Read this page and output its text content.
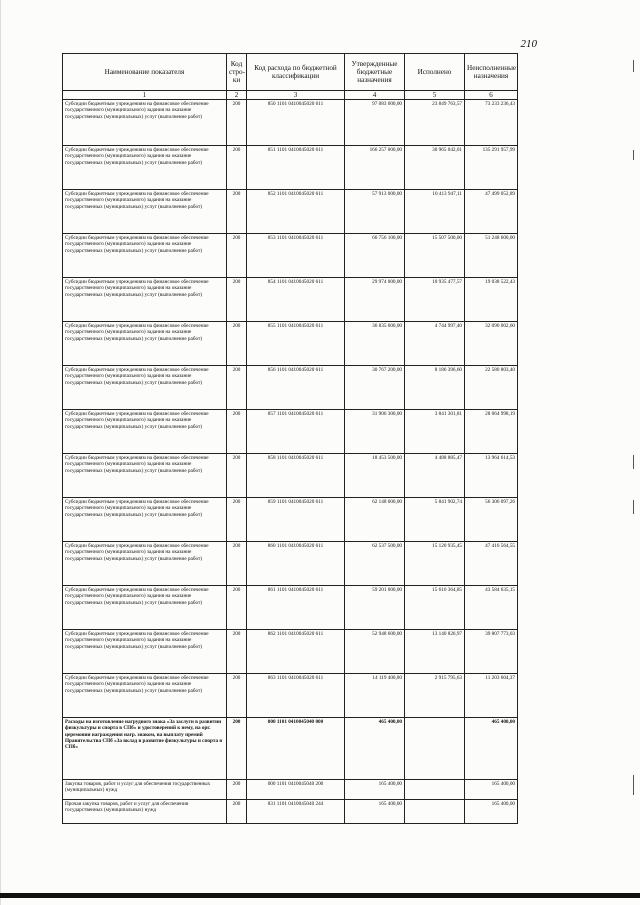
210
Наименование показателя	Код стро-ки	Код расхода по бюджетной классификации	Утвержденные бюджетные назначения	Исполнено	Неисполненные назначения
1	2	3	4	5	6
Субсидии бюджетным учреждениям на финансовое обеспечение государственного (муниципального) задания на оказание государственных (муниципальных) услуг (выполнение работ)	200	850 1101 0410045020 611	97 083 000,00	23 849 763,57	73 233 236,43
Субсидии бюджетным учреждениям на финансовое обеспечение государственного (муниципального) задания на оказание государственных (муниципальных) услуг (выполнение работ)	200	851 1101 0410045020 611	166 257 000,00	30 965 042,01	135 291 957,99
Субсидии бюджетным учреждениям на финансовое обеспечение государственного (муниципального) задания на оказание государственных (муниципальных) услуг (выполнение работ)	200	852 1101 0410045020 611	57 913 000,00	10 413 947,11	47 499 052,89
Субсидии бюджетным учреждениям на финансовое обеспечение государственного (муниципального) задания на оказание государственных (муниципальных) услуг (выполнение работ)	200	853 1101 0410045020 611	66 756 100,00	15 507 500,00	51 248 600,00
Субсидии бюджетным учреждениям на финансовое обеспечение государственного (муниципального) задания на оказание государственных (муниципальных) услуг (выполнение работ)	200	854 1101 0410045020 611	29 974 000,00	10 935 477,57	19 038 522,43
Субсидии бюджетным учреждениям на финансовое обеспечение государственного (муниципального) задания на оказание государственных (муниципальных) услуг (выполнение работ)	200	855 1101 0410045020 611	36 835 000,00	4 744 997,40	32 090 002,60
Субсидии бюджетным учреждениям на финансовое обеспечение государственного (муниципального) задания на оказание государственных (муниципальных) услуг (выполнение работ)	200	856 1101 0410045020 611	30 767 200,00	8 186 396,60	22 580 803,40
Субсидии бюджетным учреждениям на финансовое обеспечение государственного (муниципального) задания на оказание государственных (муниципальных) услуг (выполнение работ)	200	857 1101 0410045020 611	31 906 300,00	3 841 301,81	28 064 998,19
Субсидии бюджетным учреждениям на финансовое обеспечение государственного (муниципального) задания на оказание государственных (муниципальных) услуг (выполнение работ)	200	858 1101 0410045020 611	18 453 500,00	4 488 885,47	13 964 614,53
Субсидии бюджетным учреждениям на финансовое обеспечение государственного (муниципального) задания на оказание государственных (муниципальных) услуг (выполнение работ)	200	859 1101 0410045020 611	62 148 000,00	5 841 902,74	56 306 097,26
Субсидии бюджетным учреждениям на финансовое обеспечение государственного (муниципального) задания на оказание государственных (муниципальных) услуг (выполнение работ)	200	860 1101 0410045020 611	62 537 500,00	15 120 935,45	47 416 564,55
Субсидии бюджетным учреждениям на финансовое обеспечение государственного (муниципального) задания на оказание государственных (муниципальных) услуг (выполнение работ)	200	861 1101 0410045020 611	59 201 000,00	15 616 364,85	43 584 635,15
Субсидии бюджетным учреждениям на финансовое обеспечение государственного (муниципального) задания на оказание государственных (муниципальных) услуг (выполнение работ)	200	862 1101 0410045020 611	52 948 600,00	13 140 826,97	39 807 773,03
Субсидии бюджетным учреждениям на финансовое обеспечение государственного (муниципального) задания на оказание государственных (муниципальных) услуг (выполнение работ)	200	863 1101 0410045020 611	14 119 400,00	2 915 795,63	11 203 604,37
Расходы на изготовление нагрудного знака «За заслуги в развитии физкультуры и спорта в СПб» и удостоверений к нему, на орг. церемонии награждения нагр. знаком, на выплату премий Правительства СПб «За вклад в развитие физкультуры и спорта в СПб»	200	000 1101 0410045040 000	465 400,00		465 400,00
Закупка товаров, работ и услуг для обеспечения государственных (муниципальных) нужд	200	000 1101 0410045040 200	165 400,00		165 400,00
Прочая закупка товаров, работ и услуг для обеспечения государственных (муниципальных) нужд	200	831 1101 0410045040 244	165 400,00		165 400,00
